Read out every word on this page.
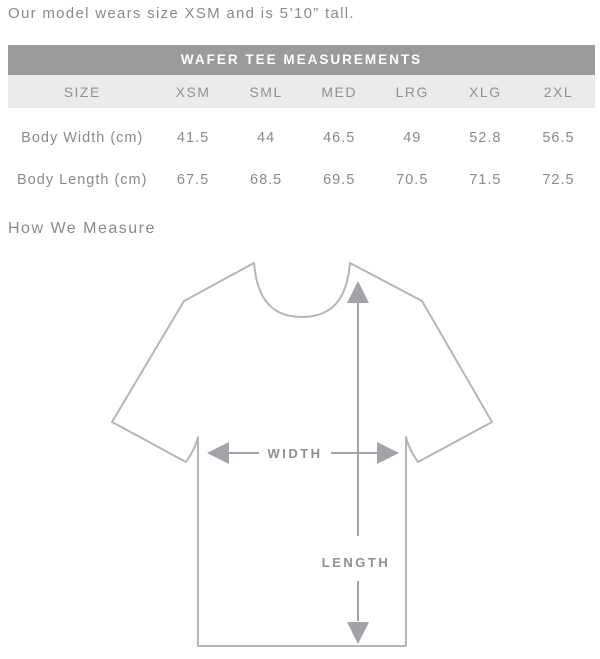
Our model wears size XSM and is 5’10” tall.
WAFER TEE MEASUREMENTS
SIZE	XSM	SML	MED	LRG	XLG	2XL
Body Width (cm)	41.5	44	46.5	49	52.8	56.5
Body Length (cm)	67.5	68.5	69.5	70.5	71.5	72.5
How We Measure
LENGTH
WIDTH
